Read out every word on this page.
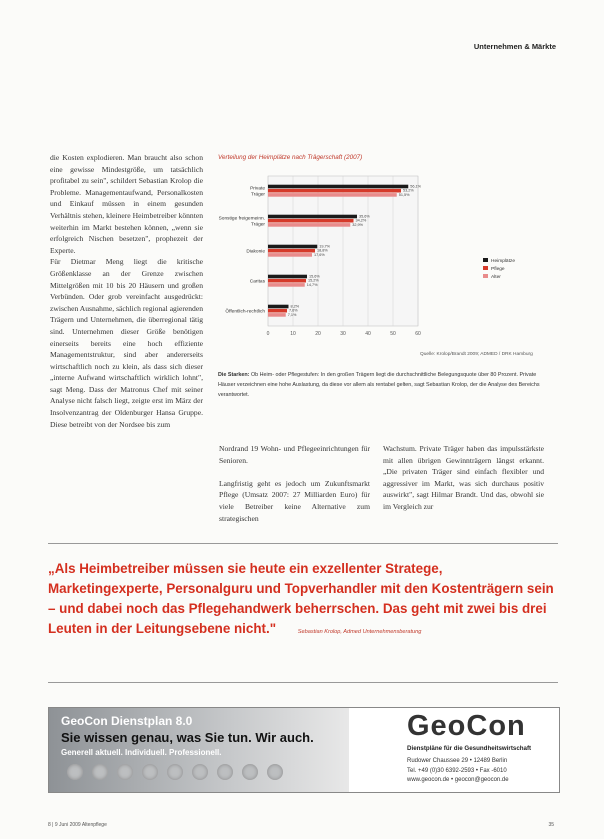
Unternehmen & Märkte

die Kosten explodieren. Man braucht also schon eine gewisse Mindestgröße, um tatsächlich profitabel zu sein", schildert Sebastian Krolop die Probleme. Managementaufwand, Personalkosten und Einkauf müssen in einem gesunden Verhältnis stehen, kleinere Heimbetreiber könnten weiterhin im Markt bestehen können, „wenn sie erfolgreich Nischen besetzen", prophezeit der Experte.

Für Dietmar Meng liegt die kritische Größenklasse an der Grenze zwischen Mittelgrößen mit 10 bis 20 Häusern und großen Verbünden. Oder grob vereinfacht ausgedrückt: zwischen Ausnahme, sächlich regional agierenden Trägern und Unternehmen, die überregional tätig sind. Unternehmen dieser Größe benötigen einerseits bereits eine hoch effiziente Managementstruktur, sind aber andererseits wirtschaftlich noch zu klein, als dass sich dieser „interne Aufwand wirtschaftlich wirklich lohnt", sagt Meng. Dass der Matronus Chef mit seiner Analyse nicht falsch liegt, zeigte erst im März der Insolvenzantrag der Oldenburger Hansa Gruppe. Diese betreibt von der Nordsee bis zum

Verteilung der Heimplätze nach Trägerschaft (2007)
0	10	20	30	40	50	60
Private Träger
56,1%
53,2%
51,5%
Sonstige freigemeinn. Träger
35,6%
34,2%
32,9%
Diakonie
19,7%
18,8%
17,6%
Caritas
15,6%
15,2%
14,7%
Öffentlich-rechtlich
8,2%
7,6%
7,1%
Heimplätze
Pflege
Alter
Quelle: Krolop/Brandt 2009; ADMED / DRK Hamburg
Die Starken: Ob Heim- oder Pflegestufen: In den großen Trägern liegt die durchschnittliche Belegungsquote über 80 Prozent. Private Häuser verzeichnen eine hohe Auslastung, da diese vor allem als rentabel gelten, sagt Sebastian Krolop, der die Analyse des Bereichs verantwortet.

Nordrand 19 Wohn- und Pflegeeinrichtungen für Senioren.

Langfristig geht es jedoch um Zukunftsmarkt Pflege (Umsatz 2007: 27 Milliarden Euro) für viele Betreiber keine Alternative zum strategischen

Wachstum. Private Träger haben das impulsstärkste mit allen übrigen Gewinnträgern längst erkannt. „Die privaten Träger sind einfach flexibler und aggressiver im Markt, was sich durchaus positiv auswirkt", sagt Hilmar Brandt. Und das, obwohl sie im Vergleich zur

„Als Heimbetreiber müssen sie heute ein exzellenter Stratege, Marketingexperte, Personalguru und Topverhandler mit den Kostenträgern sein – und dabei noch das Pflegehandwerk beherrschen. Das geht mit zwei bis drei Leuten in der Leitungsebene nicht."	Sebastian Krolop, Admed Unternehmensberatung
GeoCon Dienstplan 8.0
Sie wissen genau, was Sie tun. Wir auch.
Generell aktuell. Individuell. Professionell.
GeoCon
Dienstpläne für die Gesundheitswirtschaft
Rudower Chaussee 29 • 12489 Berlin
Tel. +49 (0)30 6392-2593 • Fax -6010
www.geocon.de • geocon@geocon.de
8 | 9 Juni 2009 Altenpflege	35
